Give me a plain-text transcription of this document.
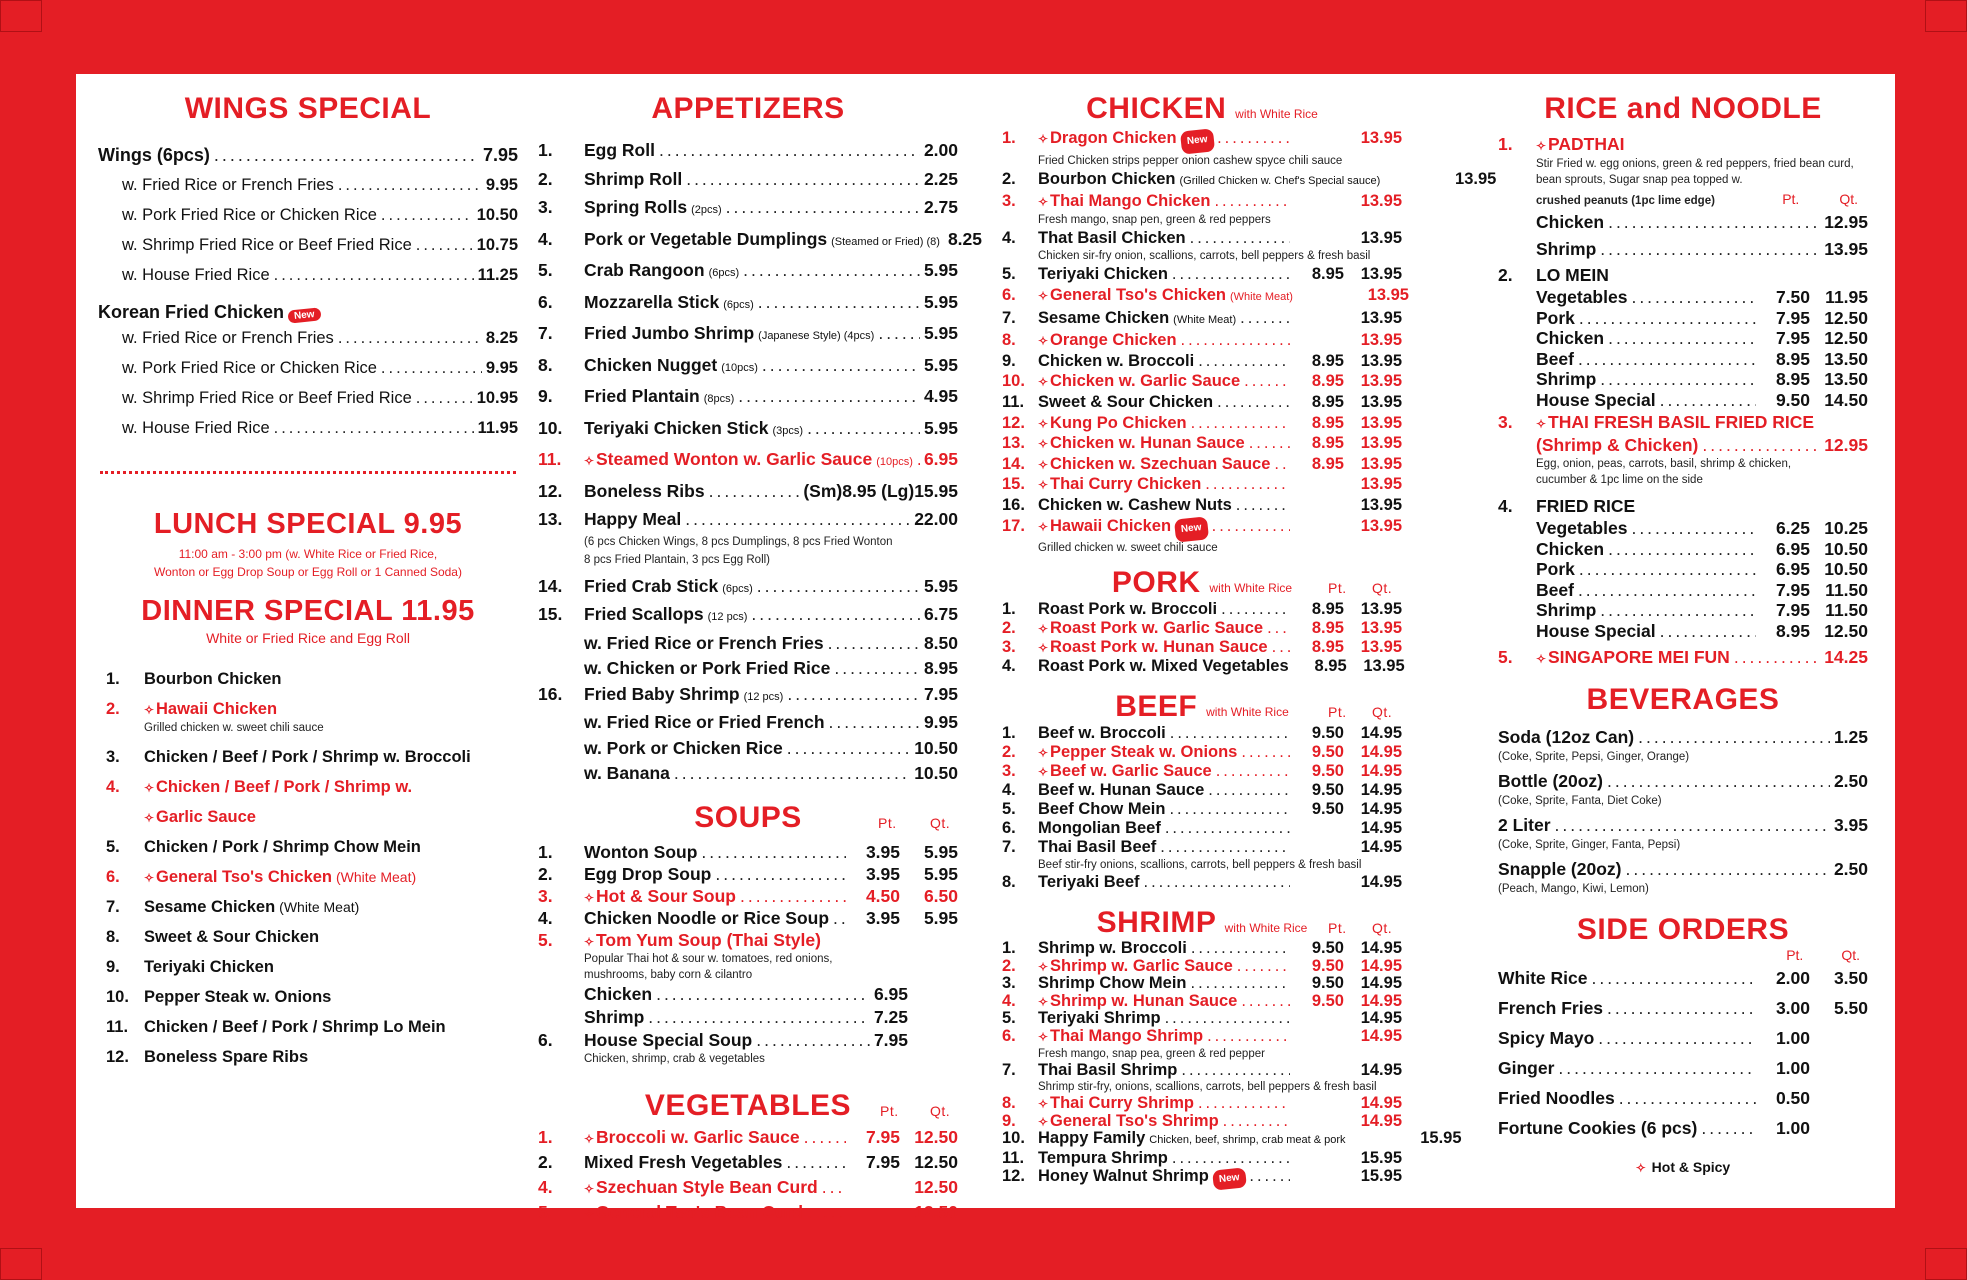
WINGS SPECIAL
Wings (6pcs) .....	7.95
w. Fried Rice or French Fries .....	9.95
w. Pork Fried Rice or Chicken Rice .....	10.50
w. Shrimp Fried Rice or Beef Fried Rice .....	10.75
w. House Fried Rice .....	11.25
Korean Fried Chicken New
w. Fried Rice or French Fries .....	8.25
w. Pork Fried Rice or Chicken Rice .....	9.95
w. Shrimp Fried Rice or Beef Fried Rice .....	10.95
w. House Fried Rice .....	11.95
LUNCH SPECIAL 9.95
11:00 am - 3:00 pm (w. White Rice or Fried Rice,
Wonton or Egg Drop Soup or Egg Roll or 1 Canned Soda)
DINNER SPECIAL 11.95
White or Fried Rice and Egg Roll
1.	Bourbon Chicken
2.	✧ Hawaii Chicken
Grilled chicken w. sweet chili sauce
3.	Chicken / Beef / Pork / Shrimp w. Broccoli
4.	✧ Chicken / Beef / Pork / Shrimp w.
✧ Garlic Sauce
5.	Chicken / Pork / Shrimp Chow Mein
6.	✧ General Tso's Chicken (White Meat)
7.	Sesame Chicken (White Meat)
8.	Sweet & Sour Chicken
9.	Teriyaki Chicken
10. Pepper Steak w. Onions
11. Chicken / Beef / Pork / Shrimp Lo Mein
12. Boneless Spare Ribs
APPETIZERS
1.	Egg Roll .....	2.00
2.	Shrimp Roll .....	2.25
3.	Spring Rolls (2pcs) .....	2.75
4.	Pork or Vegetable Dumplings (Steamed or Fried) (8) 8.25
5.	Crab Rangoon (6pcs) .....	5.95
6.	Mozzarella Stick (6pcs) .....	5.95
7.	Fried Jumbo Shrimp (Japanese Style) (4pcs) .....	5.95
8.	Chicken Nugget (10pcs) .....	5.95
9.	Fried Plantain (8pcs) .....	4.95
10.	Teriyaki Chicken Stick (3pcs) .....	5.95
11.	✧ Steamed Wonton w. Garlic Sauce (10pcs) ..... 6.95
12.	Boneless Ribs .....	(Sm)8.95 (Lg)15.95
13.	Happy Meal .....	22.00
(6 pcs Chicken Wings, 8 pcs Dumplings, 8 pcs Fried Wonton
8 pcs Fried Plantain, 3 pcs Egg Roll)
14.	Fried Crab Stick (6pcs) .....	5.95
15.	Fried Scallops (12 pcs) .....	6.75
w. Fried Rice or French Fries .....	8.50
w. Chicken or Pork Fried Rice .....	8.95
16.	Fried Baby Shrimp (12 pcs) .....	7.95
w. Fried Rice or Fried French .....	9.95
w. Pork or Chicken Rice .....	10.50
w. Banana .....	10.50
SOUPS	Pt. Qt.
1.	Wonton Soup .....	3.95	5.95
2.	Egg Drop Soup .....	3.95	5.95
3.	✧ Hot & Sour Soup .....	4.50	6.50
4.	Chicken Noodle or Rice Soup .....	3.95	5.95
5.	✧ Tom Yum Soup (Thai Style)
Popular Thai hot & sour w. tomatoes, red onions,
mushrooms, baby corn & cilantro
Chicken .....	6.95
Shrimp .....	7.25
6.	House Special Soup .....	7.95
Chicken, shrimp, crab & vegetables
VEGETABLES Pt. Qt.
1.	✧ Broccoli w. Garlic Sauce .....	7.95 12.50
2.	Mixed Fresh Vegetables .....	7.95 12.50
4.	✧ Szechuan Style Bean Curd .....	12.50
5.	✧ General Tso's Bean Curd .....	12.50
CHICKEN with White Rice
1.	✧ Dragon Chicken New .....	13.95
Fried Chicken strips pepper onion cashew spyce chili sauce
2.	Bourbon Chicken (Grilled Chicken w. Chef's Special sauce)	13.95
3.	✧ Thai Mango Chicken .....	13.95
Fresh mango, snap pen, green & red peppers
4.	That Basil Chicken .....	13.95
Chicken sir-fry onion, scallions, carrots, bell peppers & fresh basil
5.	Teriyaki Chicken .....	8.95	13.95
6.	✧ General Tso's Chicken (White Meat)	13.95
7.	Sesame Chicken (White Meat) .....	13.95
8.	✧ Orange Chicken .....	13.95
9.	Chicken w. Broccoli .....	8.95	13.95
10.	✧ Chicken w. Garlic Sauce .....	8.95	13.95
11. Sweet & Sour Chicken .....	8.95	13.95
12.	✧ Kung Po Chicken .....	8.95	13.95
13.	✧ Chicken w. Hunan Sauce .....	8.95	13.95
14.	✧ Chicken w. Szechuan Sauce .....	8.95	13.95
15.	✧ Thai Curry Chicken .....	13.95
16. Chicken w. Cashew Nuts .....	13.95
17.	✧ Hawaii Chicken New .....	13.95
Grilled chicken w. sweet chili sauce
PORK with White Rice	Pt. Qt.
1.	Roast Pork w. Broccoli .....	8.95	13.95
2.	✧ Roast Pork w. Garlic Sauce .....	8.95	13.95
3.	✧ Roast Pork w. Hunan Sauce .....	8.95	13.95
4.	Roast Pork w. Mixed Vegetables	8.95	13.95
BEEF with White Rice	Pt. Qt.
1.	Beef w. Broccoli .....	9.50	14.95
2.	✧ Pepper Steak w. Onions .....	9.50	14.95
3.	✧ Beef w. Garlic Sauce .....	9.50	14.95
4.	Beef w. Hunan Sauce .....	9.50	14.95
5.	Beef Chow Mein .....	9.50	14.95
6.	Mongolian Beef .....	14.95
7.	Thai Basil Beef .....	14.95
Beef stir-fry onions, scallions, carrots, bell peppers & fresh basil
8.	Teriyaki Beef .....	14.95
SHRIMP with White Rice Pt. Qt.
1.	Shrimp w. Broccoli .....	9.50	14.95
2.	✧ Shrimp w. Garlic Sauce .....	9.50	14.95
3.	Shrimp Chow Mein .....	9.50	14.95
4.	✧ Shrimp w. Hunan Sauce .....	9.50	14.95
5.	Teriyaki Shrimp .....	14.95
6.	✧ Thai Mango Shrimp .....	14.95
Fresh mango, snap pea, green & red pepper
7.	Thai Basil Shrimp .....	14.95
Shrimp stir-fry, onions, scallions, carrots, bell peppers & fresh basil
8.	✧ Thai Curry Shrimp .....	14.95
9.	✧ General Tso's Shrimp .....	14.95
10. Happy Family Chicken, beef, shrimp, crab meat & pork	15.95
11. Tempura Shrimp .....	15.95
12. Honey Walnut Shrimp New .....	15.95
RICE and NOODLE
1.	✧ PADTHAI
Stir Fried w. egg onions, green & red peppers, fried bean curd,
bean sprouts, Sugar snap pea topped w.
crushed peanuts (1pc lime edge)	Pt.	Qt.
Chicken .....	12.95
Shrimp .....	13.95
2.	LO MEIN
Vegetables .....	7.50 11.95
Pork .....	7.95 12.50
Chicken .....	7.95 12.50
Beef .....	8.95 13.50
Shrimp .....	8.95 13.50
House Special .....	9.50 14.50
3.	✧ THAI FRESH BASIL FRIED RICE
(Shrimp & Chicken) .....	12.95
Egg, onion, peas, carrots, basil, shrimp & chicken,
cucumber & 1pc lime on the side
4.	FRIED RICE
Vegetables .....	6.25 10.25
Chicken .....	6.95 10.50
Pork .....	6.95 10.50
Beef .....	7.95 11.50
Shrimp .....	7.95 11.50
House Special .....	8.95 12.50
5.	✧ SINGAPORE MEI FUN .....	14.25
BEVERAGES
Soda (12oz Can) .....	1.25
(Coke, Sprite, Pepsi, Ginger, Orange)
Bottle (20oz) .....	2.50
(Coke, Sprite, Fanta, Diet Coke)
2 Liter .....	3.95
(Coke, Sprite, Ginger, Fanta, Pepsi)
Snapple (20oz) .....	2.50
(Peach, Mango, Kiwi, Lemon)
SIDE ORDERS
Pt.	Qt.
White Rice .....	2.00	3.50
French Fries .....	3.00	5.50
Spicy Mayo .....	1.00
Ginger .....	1.00
Fried Noodles .....	0.50
Fortune Cookies (6 pcs) .....	1.00
✧ Hot & Spicy
